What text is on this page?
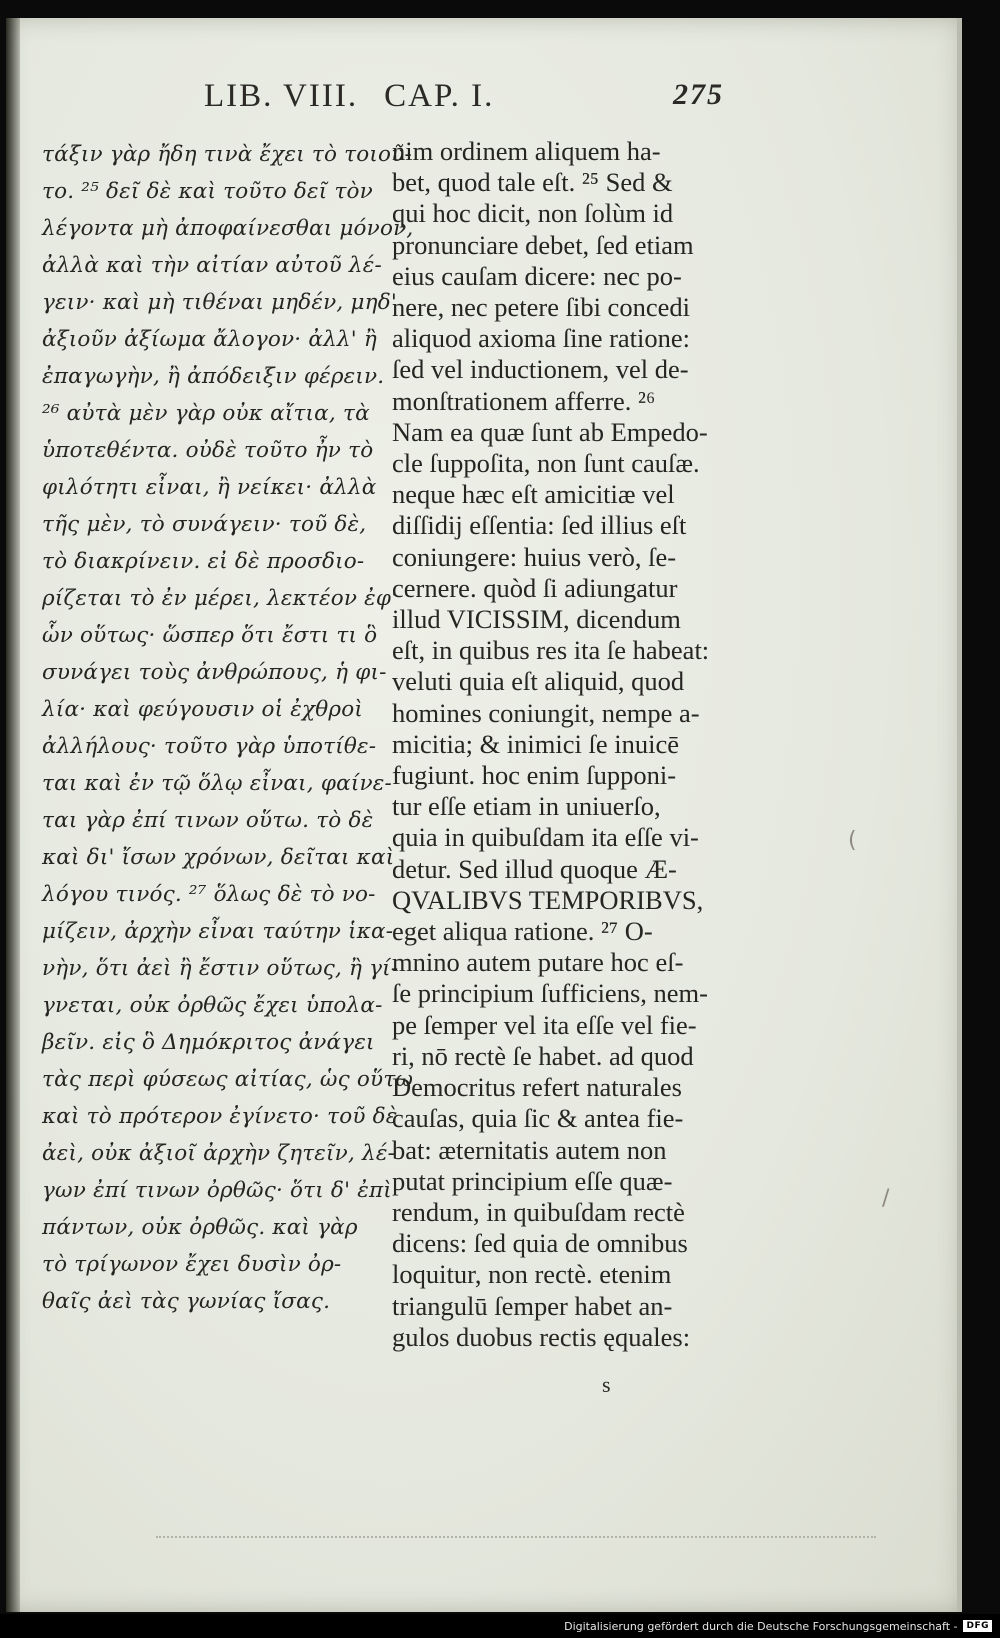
LIB. VIII. CAP. I.	275
τάξιν γὰρ ἤδη τινὰ ἔχει τὸ τοιοῦ-
το. ²⁵ δεῖ δὲ καὶ τοῦτο δεῖ τὸν
λέγοντα μὴ ἀποφαίνεσθαι μόνον,
ἀλλὰ καὶ τὴν αἰτίαν αὐτοῦ λέ-
γειν· καὶ μὴ τιθέναι μηδέν, μηδ'
ἀξιοῦν ἀξίωμα ἄλογον· ἀλλ' ἢ
ἐπαγωγὴν, ἢ ἀπόδειξιν φέρειν.
²⁶ αὐτὰ μὲν γὰρ οὐκ αἴτια, τὰ
ὑποτεθέντα. οὐδὲ τοῦτο ἦν τὸ
φιλότητι εἶναι, ἢ νείκει· ἀλλὰ
τῆς μὲν, τὸ συνάγειν· τοῦ δὲ,
τὸ διακρίνειν. εἰ δὲ προσδιο-
ρίζεται τὸ ἐν μέρει, λεκτέον ἐφ'
ὧν οὕτως· ὥσπερ ὅτι ἔστι τι ὃ
συνάγει τοὺς ἀνθρώπους, ἡ φι-
λία· καὶ φεύγουσιν οἱ ἐχθροὶ
ἀλλήλους· τοῦτο γὰρ ὑποτίθε-
ται καὶ ἐν τῷ ὅλῳ εἶναι, φαίνε-
ται γὰρ ἐπί τινων οὕτω. τὸ δὲ
καὶ δι' ἴσων χρόνων, δεῖται καὶ
λόγου τινός. ²⁷ ὅλως δὲ τὸ νο-
μίζειν, ἀρχὴν εἶναι ταύτην ἱκα-
νὴν, ὅτι ἀεὶ ἢ ἔστιν οὕτως, ἢ γί-
γνεται, οὐκ ὀρθῶς ἔχει ὑπολα-
βεῖν. εἰς ὃ Δημόκριτος ἀνάγει
τὰς περὶ φύσεως αἰτίας, ὡς οὕτω
καὶ τὸ πρότερον ἐγίνετο· τοῦ δὲ
ἀεὶ, οὐκ ἀξιοῖ ἀρχὴν ζητεῖν, λέ-
γων ἐπί τινων ὀρθῶς· ὅτι δ' ἐπὶ
πάντων, οὐκ ὀρθῶς. καὶ γὰρ
τὸ τρίγωνον ἔχει δυσὶν ὀρ-
θαῖς ἀεὶ τὰς γωνίας ἴσας.
nim ordinem aliquem ha-
bet, quod tale eſt. ²⁵ Sed &
qui hoc dicit, non ſolùm id
pronunciare debet, ſed etiam
eius cauſam dicere: nec po-
nere, nec petere ſibi concedi
aliquod axioma ſine ratione:
ſed vel inductionem, vel de-
monſtrationem afferre. ²⁶
Nam ea quæ ſunt ab Empedo-
cle ſuppoſita, non ſunt cauſæ.
neque hæc eſt amicitiæ vel
diſſidij eſſentia: ſed illius eſt
coniungere: huius verò, ſe-
cernere. quòd ſi adiungatur
illud VICISSIM, dicendum
eſt, in quibus res ita ſe habeat:
veluti quia eſt aliquid, quod
homines coniungit, nempe a-
micitia; & inimici ſe inuicē
fugiunt. hoc enim ſupponi-
tur eſſe etiam in uniuerſo,
quia in quibuſdam ita eſſe vi-
detur. Sed illud quoque Æ-
QVALIBVS TEMPORIBVS,
eget aliqua ratione. ²⁷ O-
mnino autem putare hoc eſ-
ſe principium ſufficiens, nem-
pe ſemper vel ita eſſe vel fie-
ri, nō rectè ſe habet. ad quod
Democritus refert naturales
cauſas, quia ſic & antea fie-
bat: æternitatis autem non
putat principium eſſe quæ-
rendum, in quibuſdam rectè
dicens: ſed quia de omnibus
loquitur, non rectè. etenim
triangulū ſemper habet an-
gulos duobus rectis ęquales:
s
(
/
Digitalisierung gefördert durch die Deutsche Forschungsgemeinschaft -	DFG
